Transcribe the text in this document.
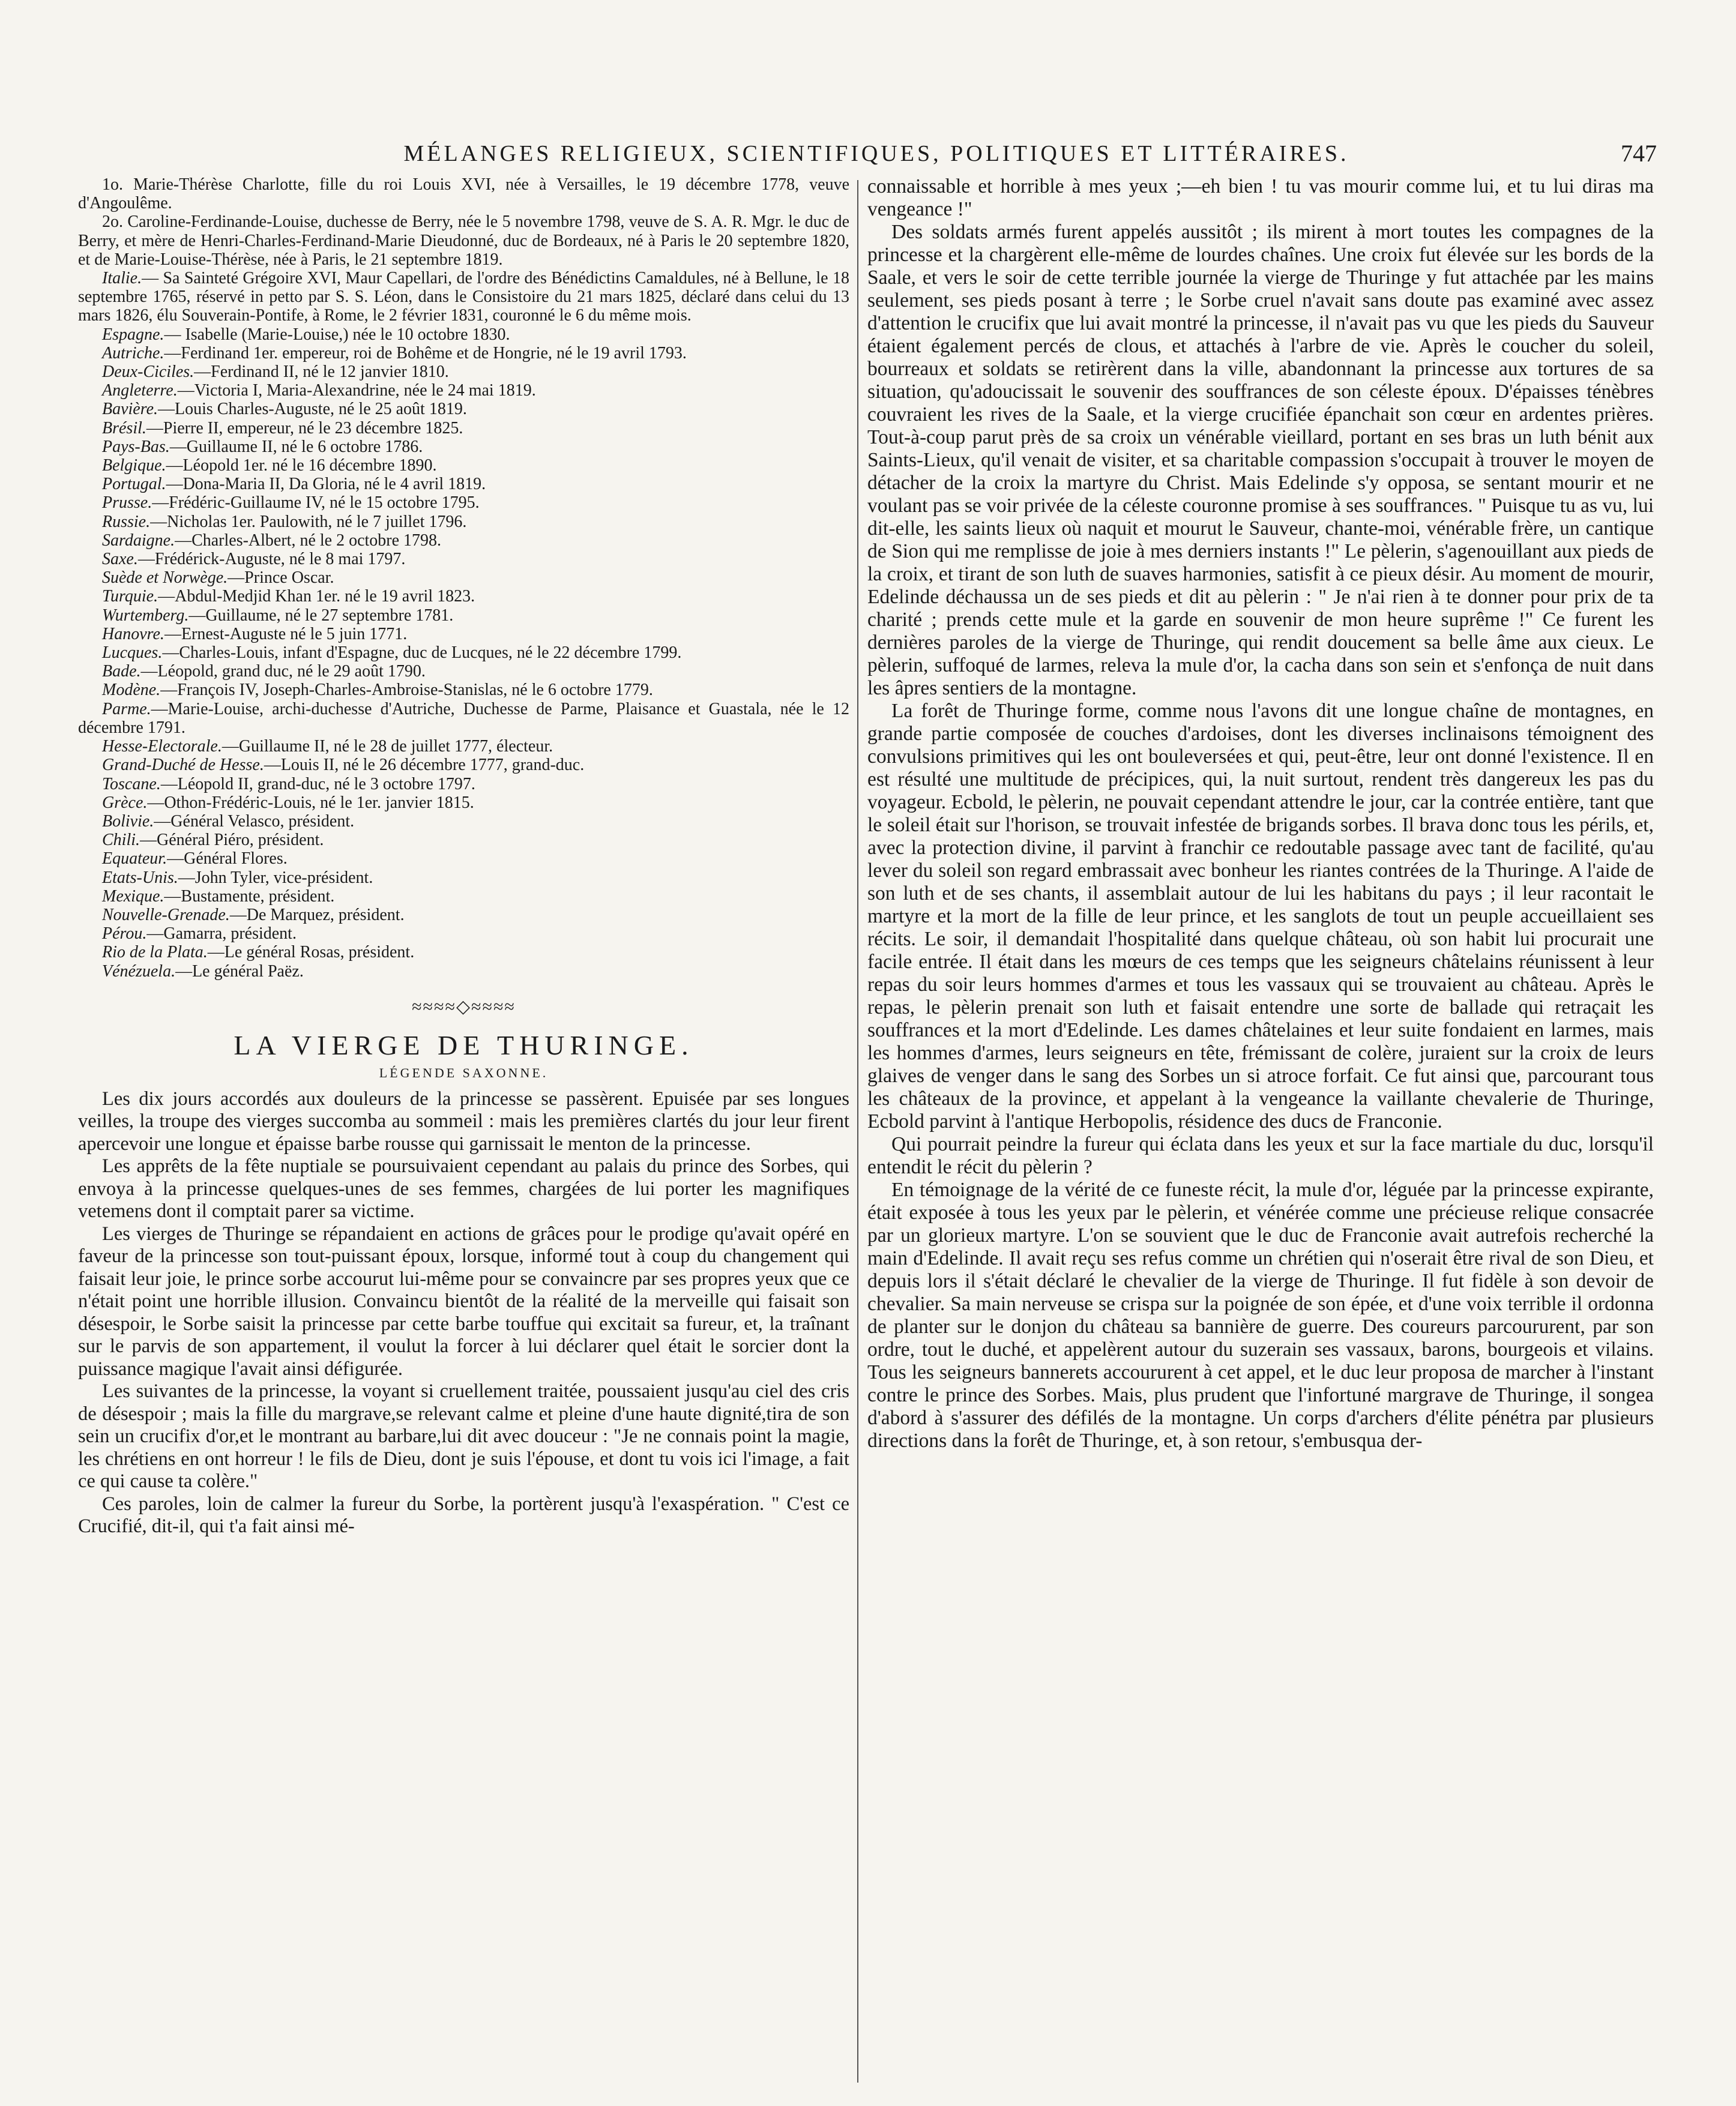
MÉLANGES RELIGIEUX, SCIENTIFIQUES, POLITIQUES ET LITTÉRAIRES.	747

1o. Marie-Thérèse Charlotte, fille du roi Louis XVI, née à Versailles, le 19 décembre 1778, veuve d'Angoulême.

2o. Caroline-Ferdinande-Louise, duchesse de Berry, née le 5 novembre 1798, veuve de S. A. R. Mgr. le duc de Berry, et mère de Henri-Charles-Ferdinand-Marie Dieudonné, duc de Bordeaux, né à Paris le 20 septembre 1820, et de Marie-Louise-Thérèse, née à Paris, le 21 septembre 1819.

Italie.— Sa Sainteté Grégoire XVI, Maur Capellari, de l'ordre des Bénédictins Camaldules, né à Bellune, le 18 septembre 1765, réservé in petto par S. S. Léon, dans le Consistoire du 21 mars 1825, déclaré dans celui du 13 mars 1826, élu Souverain-Pontife, à Rome, le 2 février 1831, couronné le 6 du même mois.

Espagne.— Isabelle (Marie-Louise,) née le 10 octobre 1830.

Autriche.—Ferdinand 1er. empereur, roi de Bohême et de Hongrie, né le 19 avril 1793.

Deux-Ciciles.—Ferdinand II, né le 12 janvier 1810.

Angleterre.—Victoria I, Maria-Alexandrine, née le 24 mai 1819.

Bavière.—Louis Charles-Auguste, né le 25 août 1819.

Brésil.—Pierre II, empereur, né le 23 décembre 1825.

Pays-Bas.—Guillaume II, né le 6 octobre 1786.

Belgique.—Léopold 1er. né le 16 décembre 1890.

Portugal.—Dona-Maria II, Da Gloria, né le 4 avril 1819.

Prusse.—Frédéric-Guillaume IV, né le 15 octobre 1795.

Russie.—Nicholas 1er. Paulowith, né le 7 juillet 1796.

Sardaigne.—Charles-Albert, né le 2 octobre 1798.

Saxe.—Frédérick-Auguste, né le 8 mai 1797.

Suède et Norwège.—Prince Oscar.

Turquie.—Abdul-Medjid Khan 1er. né le 19 avril 1823.

Wurtemberg.—Guillaume, né le 27 septembre 1781.

Hanovre.—Ernest-Auguste né le 5 juin 1771.

Lucques.—Charles-Louis, infant d'Espagne, duc de Lucques, né le 22 décembre 1799.

Bade.—Léopold, grand duc, né le 29 août 1790.

Modène.—François IV, Joseph-Charles-Ambroise-Stanislas, né le 6 octobre 1779.

Parme.—Marie-Louise, archi-duchesse d'Autriche, Duchesse de Parme, Plaisance et Guastala, née le 12 décembre 1791.

Hesse-Electorale.—Guillaume II, né le 28 de juillet 1777, électeur.

Grand-Duché de Hesse.—Louis II, né le 26 décembre 1777, grand-duc.

Toscane.—Léopold II, grand-duc, né le 3 octobre 1797.

Grèce.—Othon-Frédéric-Louis, né le 1er. janvier 1815.

Bolivie.—Général Velasco, président.

Chili.—Général Piéro, président.

Equateur.—Général Flores.

Etats-Unis.—John Tyler, vice-président.

Mexique.—Bustamente, président.

Nouvelle-Grenade.—De Marquez, président.

Pérou.—Gamarra, président.

Rio de la Plata.—Le général Rosas, président.

Vénézuela.—Le général Paëz.

≈≈≈≈◇≈≈≈≈
LA VIERGE DE THURINGE.
LÉGENDE SAXONNE.

Les dix jours accordés aux douleurs de la princesse se passèrent. Epuisée par ses longues veilles, la troupe des vierges succomba au sommeil : mais les premières clartés du jour leur firent apercevoir une longue et épaisse barbe rousse qui garnissait le menton de la princesse.

Les apprêts de la fête nuptiale se poursuivaient cependant au palais du prince des Sorbes, qui envoya à la princesse quelques-unes de ses femmes, chargées de lui porter les magnifiques vetemens dont il comptait parer sa victime.

Les vierges de Thuringe se répandaient en actions de grâces pour le prodige qu'avait opéré en faveur de la princesse son tout-puissant époux, lorsque, informé tout à coup du changement qui faisait leur joie, le prince sorbe accourut lui-même pour se convaincre par ses propres yeux que ce n'était point une horrible illusion. Convaincu bientôt de la réalité de la merveille qui faisait son désespoir, le Sorbe saisit la princesse par cette barbe touffue qui excitait sa fureur, et, la traînant sur le parvis de son appartement, il voulut la forcer à lui déclarer quel était le sorcier dont la puissance magique l'avait ainsi défigurée.

Les suivantes de la princesse, la voyant si cruellement traitée, poussaient jusqu'au ciel des cris de désespoir ; mais la fille du margrave,se relevant calme et pleine d'une haute dignité,tira de son sein un crucifix d'or,et le montrant au barbare,lui dit avec douceur : "Je ne connais point la magie, les chrétiens en ont horreur ! le fils de Dieu, dont je suis l'épouse, et dont tu vois ici l'image, a fait ce qui cause ta colère."

Ces paroles, loin de calmer la fureur du Sorbe, la portèrent jusqu'à l'exaspération. " C'est ce Crucifié, dit-il, qui t'a fait ainsi mé-

connaissable et horrible à mes yeux ;—eh bien ! tu vas mourir comme lui, et tu lui diras ma vengeance !"

Des soldats armés furent appelés aussitôt ; ils mirent à mort toutes les compagnes de la princesse et la chargèrent elle-même de lourdes chaînes. Une croix fut élevée sur les bords de la Saale, et vers le soir de cette terrible journée la vierge de Thuringe y fut attachée par les mains seulement, ses pieds posant à terre ; le Sorbe cruel n'avait sans doute pas examiné avec assez d'attention le crucifix que lui avait montré la princesse, il n'avait pas vu que les pieds du Sauveur étaient également percés de clous, et attachés à l'arbre de vie. Après le coucher du soleil, bourreaux et soldats se retirèrent dans la ville, abandonnant la princesse aux tortures de sa situation, qu'adoucissait le souvenir des souffrances de son céleste époux. D'épaisses ténèbres couvraient les rives de la Saale, et la vierge crucifiée épanchait son cœur en ardentes prières. Tout-à-coup parut près de sa croix un vénérable vieillard, portant en ses bras un luth bénit aux Saints-Lieux, qu'il venait de visiter, et sa charitable compassion s'occupait à trouver le moyen de détacher de la croix la martyre du Christ. Mais Edelinde s'y opposa, se sentant mourir et ne voulant pas se voir privée de la céleste couronne promise à ses souffrances. " Puisque tu as vu, lui dit-elle, les saints lieux où naquit et mourut le Sauveur, chante-moi, vénérable frère, un cantique de Sion qui me remplisse de joie à mes derniers instants !" Le pèlerin, s'agenouillant aux pieds de la croix, et tirant de son luth de suaves harmonies, satisfit à ce pieux désir. Au moment de mourir, Edelinde déchaussa un de ses pieds et dit au pèlerin : " Je n'ai rien à te donner pour prix de ta charité ; prends cette mule et la garde en souvenir de mon heure suprême !" Ce furent les dernières paroles de la vierge de Thuringe, qui rendit doucement sa belle âme aux cieux. Le pèlerin, suffoqué de larmes, releva la mule d'or, la cacha dans son sein et s'enfonça de nuit dans les âpres sentiers de la montagne.

La forêt de Thuringe forme, comme nous l'avons dit une longue chaîne de montagnes, en grande partie composée de couches d'ardoises, dont les diverses inclinaisons témoignent des convulsions primitives qui les ont bouleversées et qui, peut-être, leur ont donné l'existence. Il en est résulté une multitude de précipices, qui, la nuit surtout, rendent très dangereux les pas du voyageur. Ecbold, le pèlerin, ne pouvait cependant attendre le jour, car la contrée entière, tant que le soleil était sur l'horison, se trouvait infestée de brigands sorbes. Il brava donc tous les périls, et, avec la protection divine, il parvint à franchir ce redoutable passage avec tant de facilité, qu'au lever du soleil son regard embrassait avec bonheur les riantes contrées de la Thuringe. A l'aide de son luth et de ses chants, il assemblait autour de lui les habitans du pays ; il leur racontait le martyre et la mort de la fille de leur prince, et les sanglots de tout un peuple accueillaient ses récits. Le soir, il demandait l'hospitalité dans quelque château, où son habit lui procurait une facile entrée. Il était dans les mœurs de ces temps que les seigneurs châtelains réunissent à leur repas du soir leurs hommes d'armes et tous les vassaux qui se trouvaient au château. Après le repas, le pèlerin prenait son luth et faisait entendre une sorte de ballade qui retraçait les souffrances et la mort d'Edelinde. Les dames châtelaines et leur suite fondaient en larmes, mais les hommes d'armes, leurs seigneurs en tête, frémissant de colère, juraient sur la croix de leurs glaives de venger dans le sang des Sorbes un si atroce forfait. Ce fut ainsi que, parcourant tous les châteaux de la province, et appelant à la vengeance la vaillante chevalerie de Thuringe, Ecbold parvint à l'antique Herbopolis, résidence des ducs de Franconie.

Qui pourrait peindre la fureur qui éclata dans les yeux et sur la face martiale du duc, lorsqu'il entendit le récit du pèlerin ?

En témoignage de la vérité de ce funeste récit, la mule d'or, léguée par la princesse expirante, était exposée à tous les yeux par le pèlerin, et vénérée comme une précieuse relique consacrée par un glorieux martyre. L'on se souvient que le duc de Franconie avait autrefois recherché la main d'Edelinde. Il avait reçu ses refus comme un chrétien qui n'oserait être rival de son Dieu, et depuis lors il s'était déclaré le chevalier de la vierge de Thuringe. Il fut fidèle à son devoir de chevalier. Sa main nerveuse se crispa sur la poignée de son épée, et d'une voix terrible il ordonna de planter sur le donjon du château sa bannière de guerre. Des coureurs parcoururent, par son ordre, tout le duché, et appelèrent autour du suzerain ses vassaux, barons, bourgeois et vilains. Tous les seigneurs bannerets accoururent à cet appel, et le duc leur proposa de marcher à l'instant contre le prince des Sorbes. Mais, plus prudent que l'infortuné margrave de Thuringe, il songea d'abord à s'assurer des défilés de la montagne. Un corps d'archers d'élite pénétra par plusieurs directions dans la forêt de Thuringe, et, à son retour, s'embusqua der-
